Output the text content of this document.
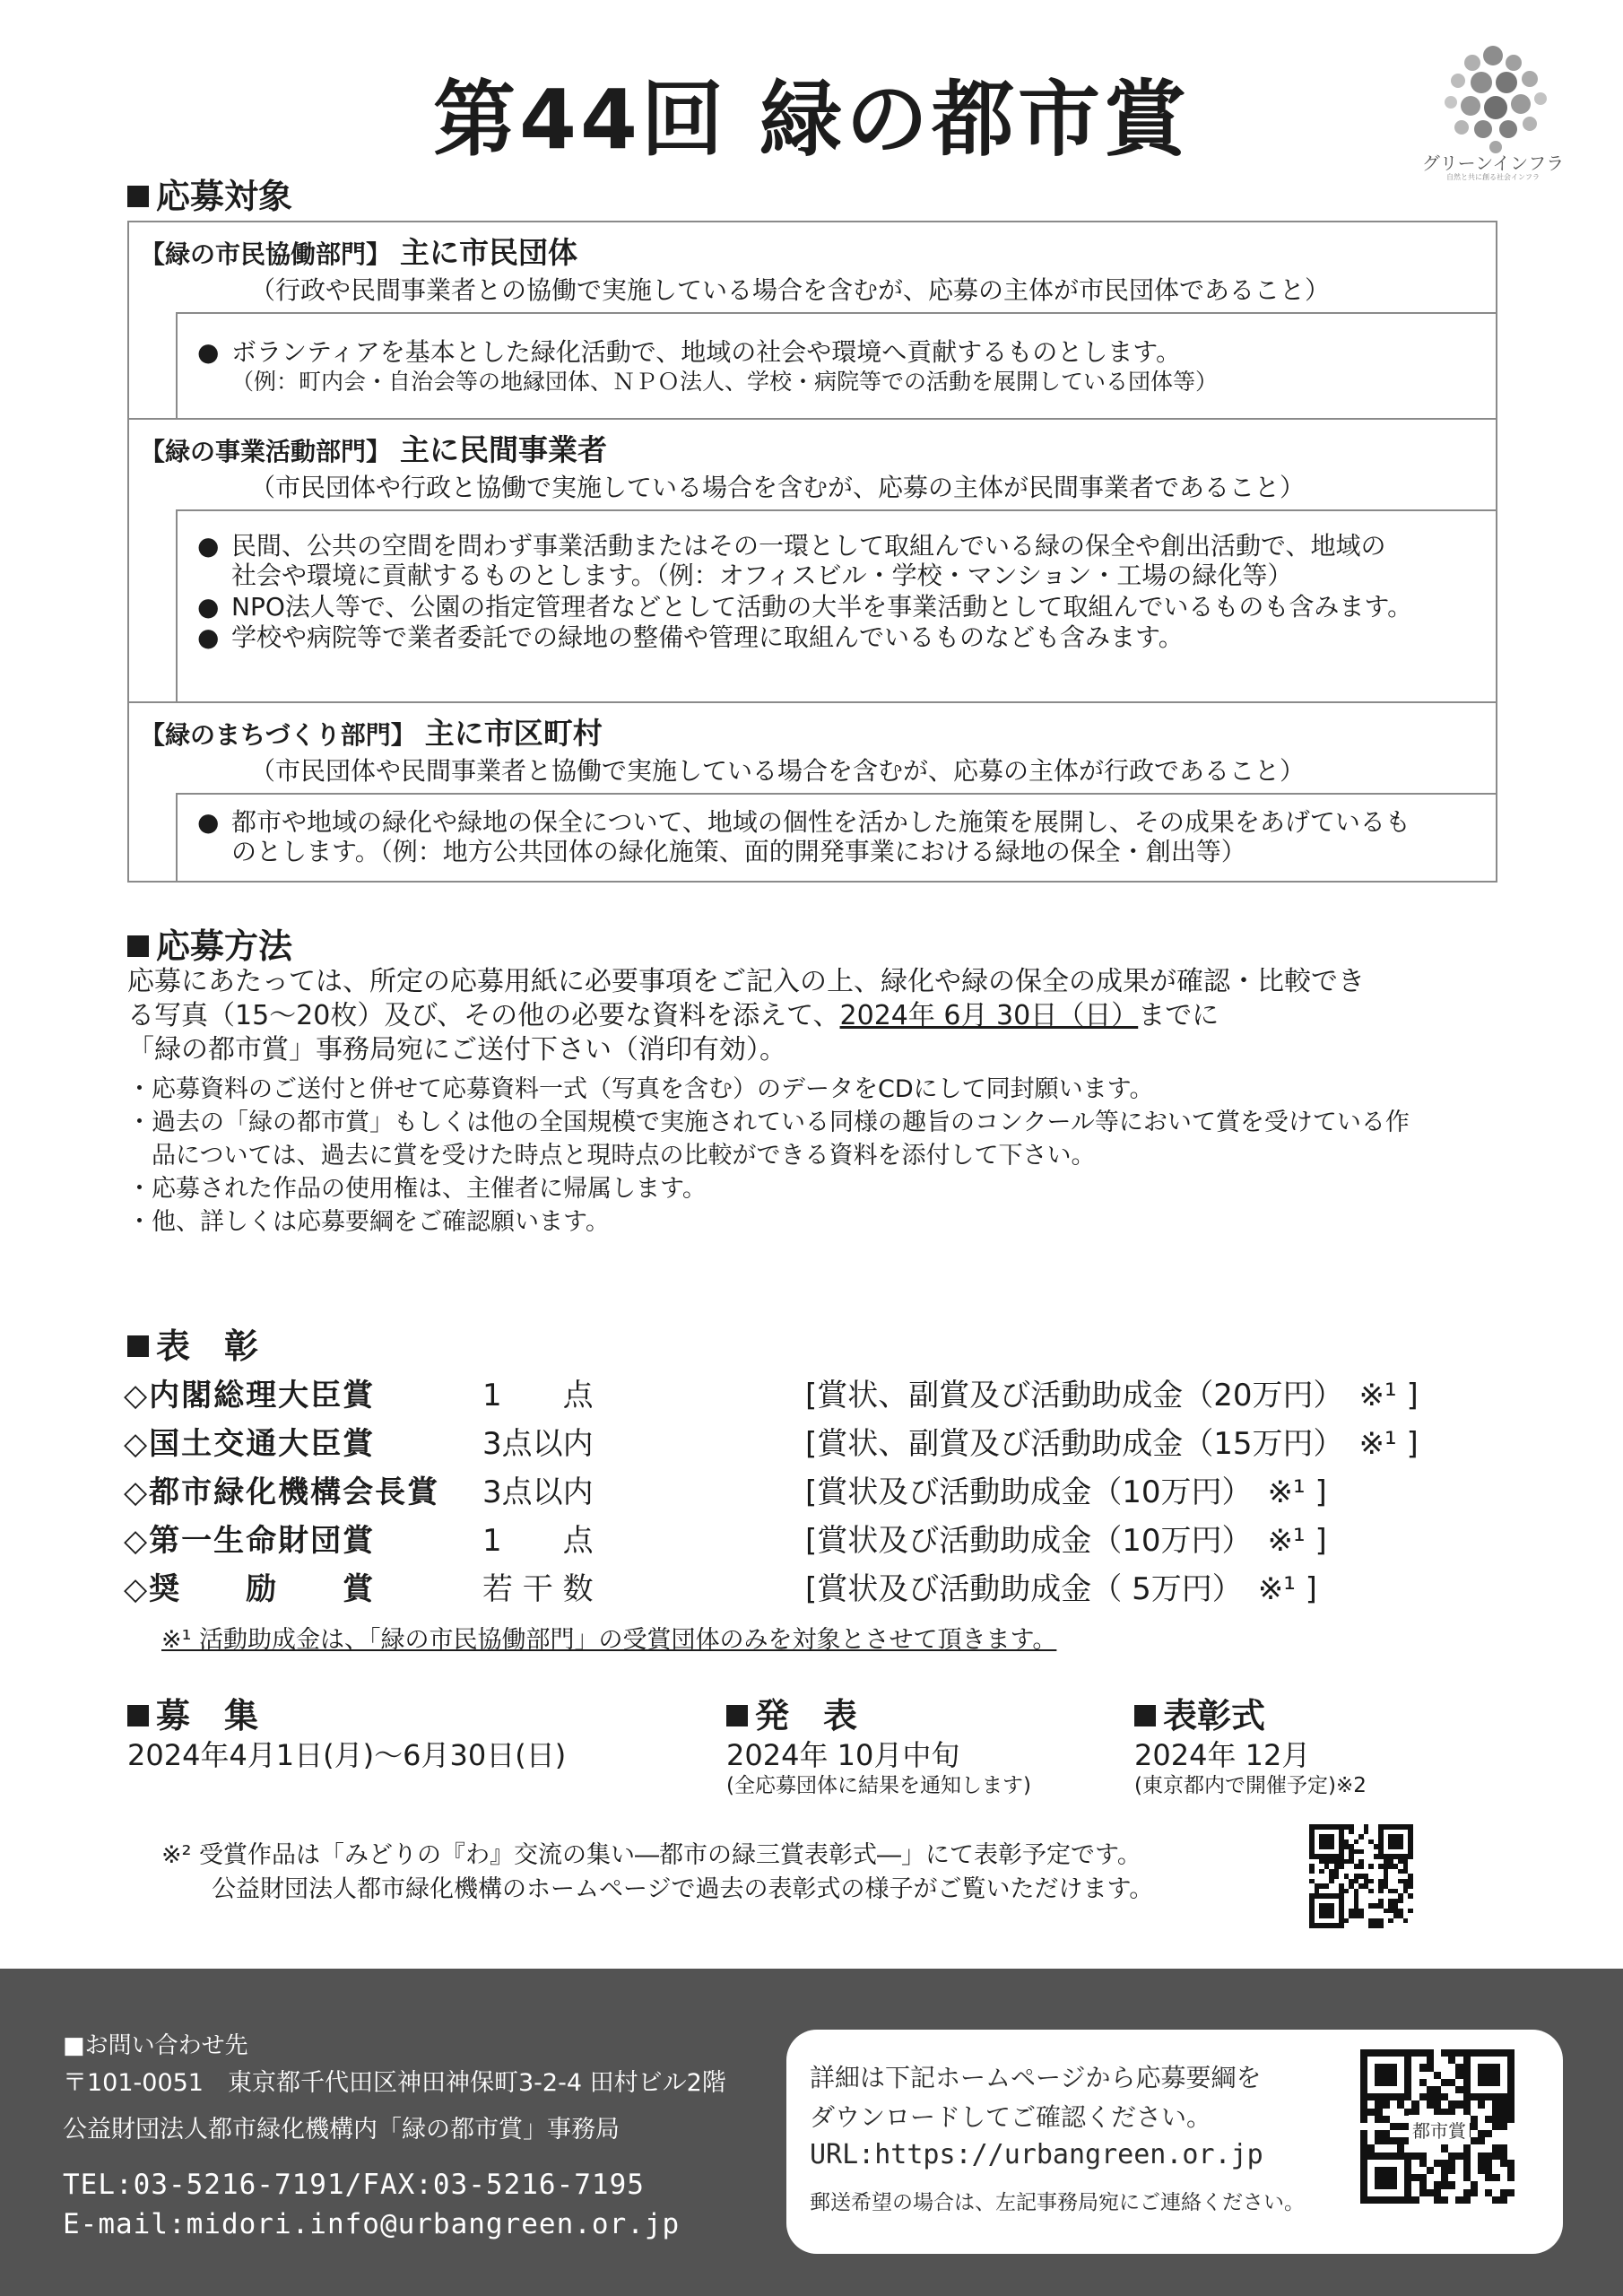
第44回 緑の都市賞	グリーンインフラ
自然と共に創る社会インフラ
応募対象
【緑の市民協働部門】 主に市民団体
（行政や民間事業者との協働で実施している場合を含むが、応募の主体が市民団体であること）
● ボランティアを基本とした緑化活動で、地域の社会や環境へ貢献するものとします。
（例：町内会・自治会等の地縁団体、ＮＰＯ法人、学校・病院等での活動を展開している団体等）
【緑の事業活動部門】 主に民間事業者
（市民団体や行政と協働で実施している場合を含むが、応募の主体が民間事業者であること）
● 民間、公共の空間を問わず事業活動またはその一環として取組んでいる緑の保全や創出活動で、地域の
社会や環境に貢献するものとします。（例：オフィスビル・学校・マンション・工場の緑化等）
● NPO法人等で、公園の指定管理者などとして活動の大半を事業活動として取組んでいるものも含みます。
● 学校や病院等で業者委託での緑地の整備や管理に取組んでいるものなども含みます。
【緑のまちづくり部門】 主に市区町村
（市民団体や民間事業者と協働で実施している場合を含むが、応募の主体が行政であること）
● 都市や地域の緑化や緑地の保全について、地域の個性を活かした施策を展開し、その成果をあげているも
のとします。（例：地方公共団体の緑化施策、面的開発事業における緑地の保全・創出等）
応募方法
応募にあたっては、所定の応募用紙に必要事項をご記入の上、緑化や緑の保全の成果が確認・比較でき
る写真（15～20枚）及び、その他の必要な資料を添えて、2024年 6月 30日（日）までに
「緑の都市賞」事務局宛にご送付下さい（消印有効）。
・応募資料のご送付と併せて応募資料一式（写真を含む）のデータをCDにして同封願います。
・過去の「緑の都市賞」もしくは他の全国規模で実施されている同様の趣旨のコンクール等において賞を受けている作
　品については、過去に賞を受けた時点と現時点の比較ができる資料を添付して下さい。
・応募された作品の使用権は、主催者に帰属します。
・他、詳しくは応募要綱をご確認願います。
表　彰
◇内閣総理大臣賞	1　　点	[賞状、副賞及び活動助成金（20万円）　※¹ ]
◇国土交通大臣賞	3点以内	[賞状、副賞及び活動助成金（15万円）　※¹ ]
◇都市緑化機構会長賞 3点以内	[賞状及び活動助成金（10万円）　※¹ ]
◇第一生命財団賞	1　　点	[賞状及び活動助成金（10万円）　※¹ ]
◇奨　　励　　賞	若 干 数	[賞状及び活動助成金（ 5万円）　※¹ ]
※¹ 活動助成金は、「緑の市民協働部門」の受賞団体のみを対象とさせて頂きます。
募　集
2024年4月1日(月)～6月30日(日)
発　表
2024年 10月中旬
(全応募団体に結果を通知します)
表彰式
2024年 12月
(東京都内で開催予定)※2
※² 受賞作品は「みどりの『わ』交流の集い―都市の緑三賞表彰式―」にて表彰予定です。
公益財団法人都市緑化機構のホームページで過去の表彰式の様子がご覧いただけます。
■お問い合わせ先
〒101-0051　東京都千代田区神田神保町3-2-4 田村ビル2階
公益財団法人都市緑化機構内「緑の都市賞」事務局
TEL:03-5216-7191/FAX:03-5216-7195
E-mail:midori.info@urbangreen.or.jp
詳細は下記ホームページから応募要綱を
ダウンロードしてご確認ください。
URL:https://urbangreen.or.jp
郵送希望の場合は、左記事務局宛にご連絡ください。
都市賞
